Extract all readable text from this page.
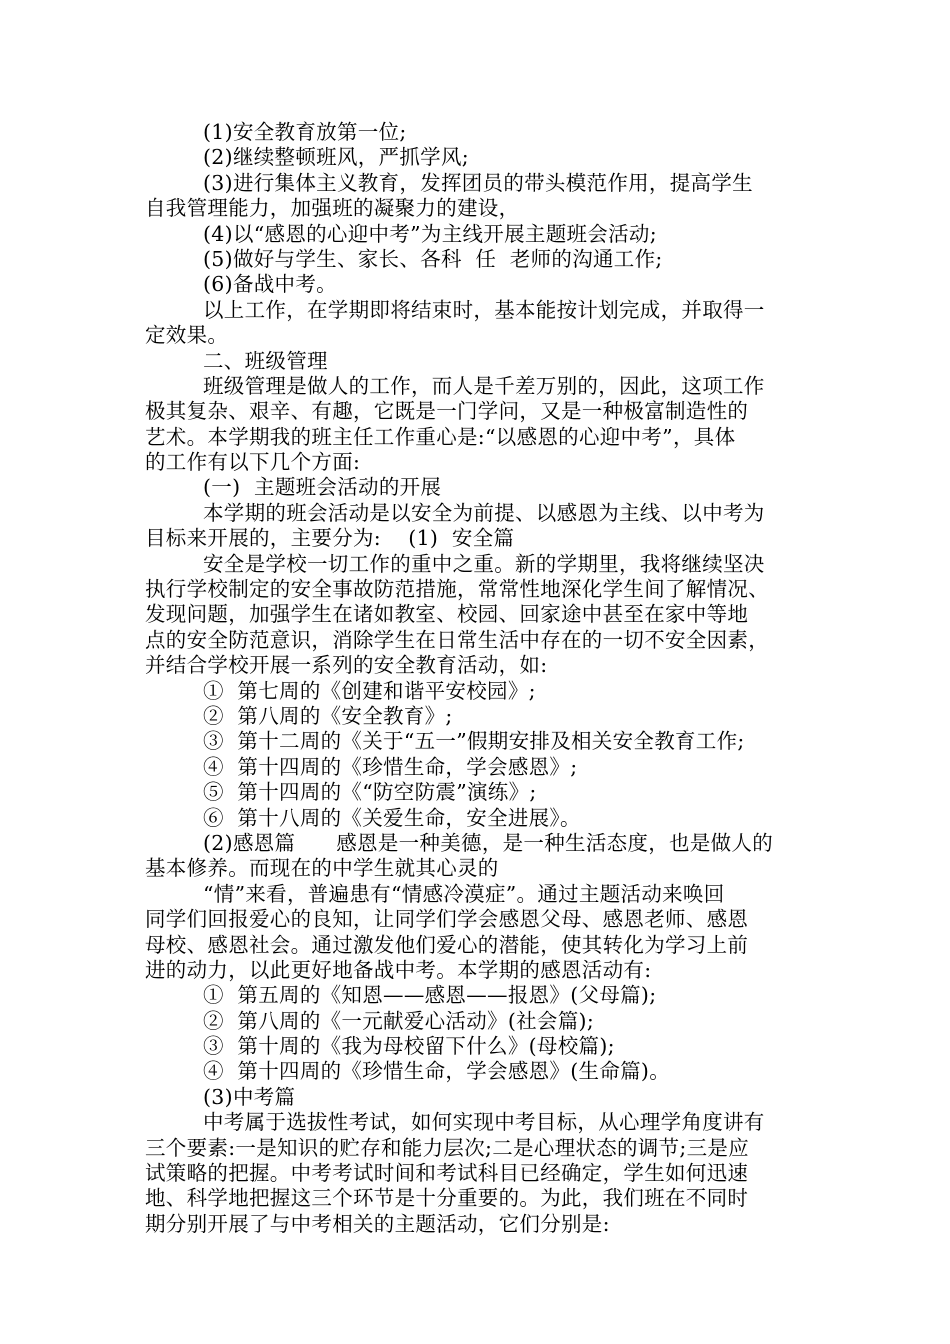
(1)安全教育放第一位;
(2)继续整顿班风，严抓学风;
(3)进行集体主义教育，发挥团员的带头模范作用，提高学生
自我管理能力，加强班的凝聚力的建设，
(4)以“感恩的心迎中考”为主线开展主题班会活动;
(5)做好与学生、家长、各科  任  老师的沟通工作;
(6)备战中考。
以上工作，在学期即将结束时，基本能按计划完成，并取得一
定效果。
二、班级管理
班级管理是做人的工作，而人是千差万别的，因此，这项工作
极其复杂、艰辛、有趣，它既是一门学问，又是一种极富制造性的
艺术。本学期我的班主任工作重心是:“以感恩的心迎中考”，具体
的工作有以下几个方面:
(一)  主题班会活动的开展
本学期的班会活动是以安全为前提、以感恩为主线、以中考为
目标来开展的，主要分为:    (1)  安全篇
安全是学校一切工作的重中之重。新的学期里，我将继续坚决
执行学校制定的安全事故防范措施，常常性地深化学生间了解情况、
发现问题，加强学生在诸如教室、校园、回家途中甚至在家中等地
点的安全防范意识，消除学生在日常生活中存在的一切不安全因素，
并结合学校开展一系列的安全教育活动，如:
①  第七周的《创建和谐平安校园》;
②  第八周的《安全教育》;
③  第十二周的《关于“五一”假期安排及相关安全教育工作;
④  第十四周的《珍惜生命，学会感恩》;
⑤  第十四周的《“防空防震”演练》;
⑥  第十八周的《关爱生命，安全进展》。
(2)感恩篇      感恩是一种美德，是一种生活态度，也是做人的
基本修养。而现在的中学生就其心灵的
“情”来看，普遍患有“情感冷漠症”。通过主题活动来唤回
同学们回报爱心的良知，让同学们学会感恩父母、感恩老师、感恩
母校、感恩社会。通过激发他们爱心的潜能，使其转化为学习上前
进的动力，以此更好地备战中考。本学期的感恩活动有:
①  第五周的《知恩——感恩——报恩》(父母篇);
②  第八周的《一元献爱心活动》(社会篇);
③  第十周的《我为母校留下什么》(母校篇);
④  第十四周的《珍惜生命，学会感恩》(生命篇)。
(3)中考篇
中考属于选拔性考试，如何实现中考目标，从心理学角度讲有
三个要素:一是知识的贮存和能力层次;二是心理状态的调节;三是应
试策略的把握。中考考试时间和考试科目已经确定，学生如何迅速
地、科学地把握这三个环节是十分重要的。为此，我们班在不同时
期分别开展了与中考相关的主题活动，它们分别是:
